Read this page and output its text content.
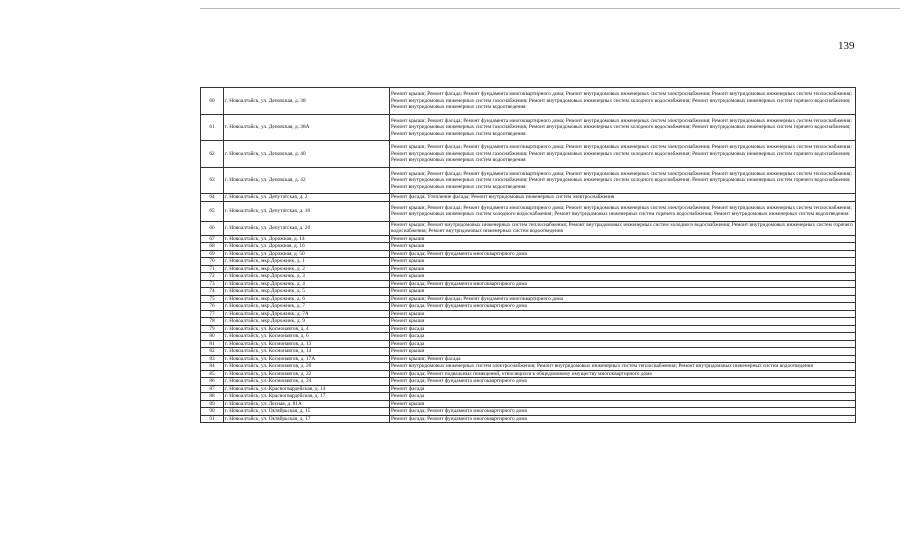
139
60	г. Новоалтайск, ул. Деповская, д. 38	Ремонт крыши; Ремонт фасада; Ремонт фундамента многоквартирного дома; Ремонт внутридомовых инженерных систем электроснабжения; Ремонт внутридомовых инженерных систем теплоснабжения; Ремонт внутридомовых инженерных систем газоснабжения; Ремонт внутридомовых инженерных систем холодного водоснабжения; Ремонт внутридомовых инженерных систем горячего водоснабжения; Ремонт внутридомовых инженерных систем водоотведения
61	г. Новоалтайск, ул. Деповская, д. 38А	Ремонт крыши; Ремонт фасада; Ремонт фундамента многоквартирного дома; Ремонт внутридомовых инженерных систем электроснабжения; Ремонт внутридомовых инженерных систем теплоснабжения; Ремонт внутридомовых инженерных систем газоснабжения; Ремонт внутридомовых инженерных систем холодного водоснабжения; Ремонт внутридомовых инженерных систем горячего водоснабжения; Ремонт внутридомовых инженерных систем водоотведения
62	г. Новоалтайск, ул. Деповская, д. 40	Ремонт крыши; Ремонт фасада; Ремонт фундамента многоквартирного дома; Ремонт внутридомовых инженерных систем электроснабжения; Ремонт внутридомовых инженерных систем теплоснабжения; Ремонт внутридомовых инженерных систем газоснабжения; Ремонт внутридомовых инженерных систем холодного водоснабжения; Ремонт внутридомовых инженерных систем горячего водоснабжения; Ремонт внутридомовых инженерных систем водоотведения
63	г. Новоалтайск, ул. Деповская, д. 42	Ремонт крыши; Ремонт фасада; Ремонт фундамента многоквартирного дома; Ремонт внутридомовых инженерных систем электроснабжения; Ремонт внутридомовых инженерных систем теплоснабжения; Ремонт внутридомовых инженерных систем газоснабжения; Ремонт внутридомовых инженерных систем холодного водоснабжения; Ремонт внутридомовых инженерных систем горячего водоснабжения; Ремонт внутридомовых инженерных систем водоотведения
64	г. Новоалтайск, ул. Депутатская, д. 2	Ремонт фасада; Утепление фасада; Ремонт внутридомовых инженерных систем электроснабжения
65	г. Новоалтайск, ул. Депутатская, д. 10	Ремонт крыши; Ремонт фасада; Ремонт фундамента многоквартирного дома; Ремонт внутридомовых инженерных систем электроснабжения; Ремонт внутридомовых инженерных систем теплоснабжения; Ремонт внутридомовых инженерных систем холодного водоснабжения; Ремонт внутридомовых инженерных систем горячего водоснабжения; Ремонт внутридомовых инженерных систем водоотведения
66	г. Новоалтайск, ул. Депутатская, д. 20	Ремонт крыши; Ремонт внутридомовых инженерных систем теплоснабжения; Ремонт внутридомовых инженерных систем холодного водоснабжения; Ремонт внутридомовых инженерных систем горячего водоснабжения; Ремонт внутридомовых инженерных систем водоотведения
67	г. Новоалтайск, ул. Дорожная, д. 14	Ремонт крыши
68	г. Новоалтайск, ул. Дорожная, д. 16	Ремонт крыши
69	г. Новоалтайск, ул. Дорожная, д. 50	Ремонт фасада; Ремонт фундамента многоквартирного дома
70	г. Новоалтайск, мкр.Дорожник, д. 1	Ремонт крыши
71	г. Новоалтайск, мкр.Дорожник, д. 2	Ремонт крыши
72	г. Новоалтайск, мкр.Дорожник, д. 3	Ремонт крыши
73	г. Новоалтайск, мкр.Дорожник, д. 4	Ремонт фасада; Ремонт фундамента многоквартирного дома
74	г. Новоалтайск, мкр.Дорожник, д. 5	Ремонт крыши
75	г. Новоалтайск, мкр.Дорожник, д. 6	Ремонт крыши; Ремонт фасада; Ремонт фундамента многоквартирного дома
76	г. Новоалтайск, мкр.Дорожник, д. 7	Ремонт фасада; Ремонт фундамента многоквартирного дома
77	г. Новоалтайск, мкр.Дорожник, д. 7А	Ремонт крыши
78	г. Новоалтайск, мкр.Дорожник, д. 9	Ремонт крыши
79	г. Новоалтайск, ул. Космонавтов, д. 4	Ремонт фасада
80	г. Новоалтайск, ул. Космонавтов, д. 6	Ремонт фасада
81	г. Новоалтайск, ул. Космонавтов, д. 13	Ремонт фасада
82	г. Новоалтайск, ул. Космонавтов, д. 14	Ремонт крыши
83	г. Новоалтайск, ул. Космонавтов, д. 17А	Ремонт крыши; Ремонт фасада
84	г. Новоалтайск, ул. Космонавтов, д. 20	Ремонт внутридомовых инженерных систем электроснабжения; Ремонт внутридомовых инженерных систем теплоснабжения; Ремонт внутридомовых инженерных систем водоотведения
85	г. Новоалтайск, ул. Космонавтов, д. 22	Ремонт фасада; Ремонт подвальных помещений, относящихся к общедомовому имуществу многоквартирного дома
86	г. Новоалтайск, ул. Космонавтов, д. 24	Ремонт фасада; Ремонт фундамента многоквартирного дома
87	г. Новоалтайск, ул. Красногвардейская, д. 14	Ремонт фасада
88	г. Новоалтайск, ул. Красногвардейская, д. 17	Ремонт фасада
89	г. Новоалтайск, ул. Лесная, д. 81А	Ремонт крыши
90	г. Новоалтайск, ул. Октябрьская, д. 15	Ремонт фасада; Ремонт фундамента многоквартирного дома
91	г. Новоалтайск, ул. Октябрьская, д. 17	Ремонт фасада; Ремонт фундамента многоквартирного дома
